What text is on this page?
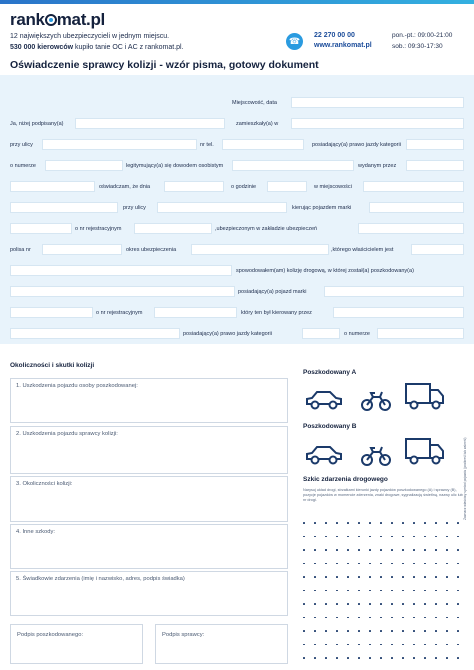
rank mat.pl
12 największych ubezpieczycieli w jednym miejscu.
530 000 kierowców kupiło tanie OC i AC z rankomat.pl.
☎
22 270 00 00
www.rankomat.pl
pon.-pt.: 09:00-21:00
sob.: 09:30-17:30
Oświadczenie sprawcy kolizji - wzór pisma, gotowy dokument
Miejscowość, data
Ja, niżej podpisany(a)	zamieszkały(a) w
przy ulicy	nr tel.	posiadający(a) prawo jazdy kategorii
o numerze	legitymujący(a) się dowodem osobistym	wydanym przez
oświadczam, że dnia	o godzinie	w miejscowości
przy ulicy	kierując pojazdem marki
o nr rejestracyjnym	,ubezpieczonym w zakładzie ubezpieczeń
polisa nr	okres ubezpieczenia	,którego właścicielem jest
spowodowałem(am) kolizję drogową, w której został(a) poszkodowany(a)
posiadający(a) pojazd marki
o nr rejestracyjnym	który ten był kierowany przez
posiadający(a) prawo jazdy kategorii	o numerze
Okoliczności i skutki kolizji
1. Uszkodzenia pojazdu osoby poszkodowanej:
2. Uszkodzenia pojazdu sprawcy kolizji:
3. Okoliczności kolizji:
4. Inne szkody:
5. Świadkowie zdarzenia (imię i nazwisko, adres, podpis świadka)
Podpis poszkodowanego:	Podpis sprawcy:
Poszkodowany A
Poszkodowany B
Szkic zdarzenia drogowego	Zaznacz właściwy symbol pojazdu (podkreśl lub zakreśl)
Narysuj układ drogi, strzałkami kierunki jazdy pojazdów poszkodowanego (A) i sprawcy (B), pozycje pojazdów w momencie zderzenia, znaki drogowe, sygnalizację świetlną, nazwy ulic lub nr drogi.
